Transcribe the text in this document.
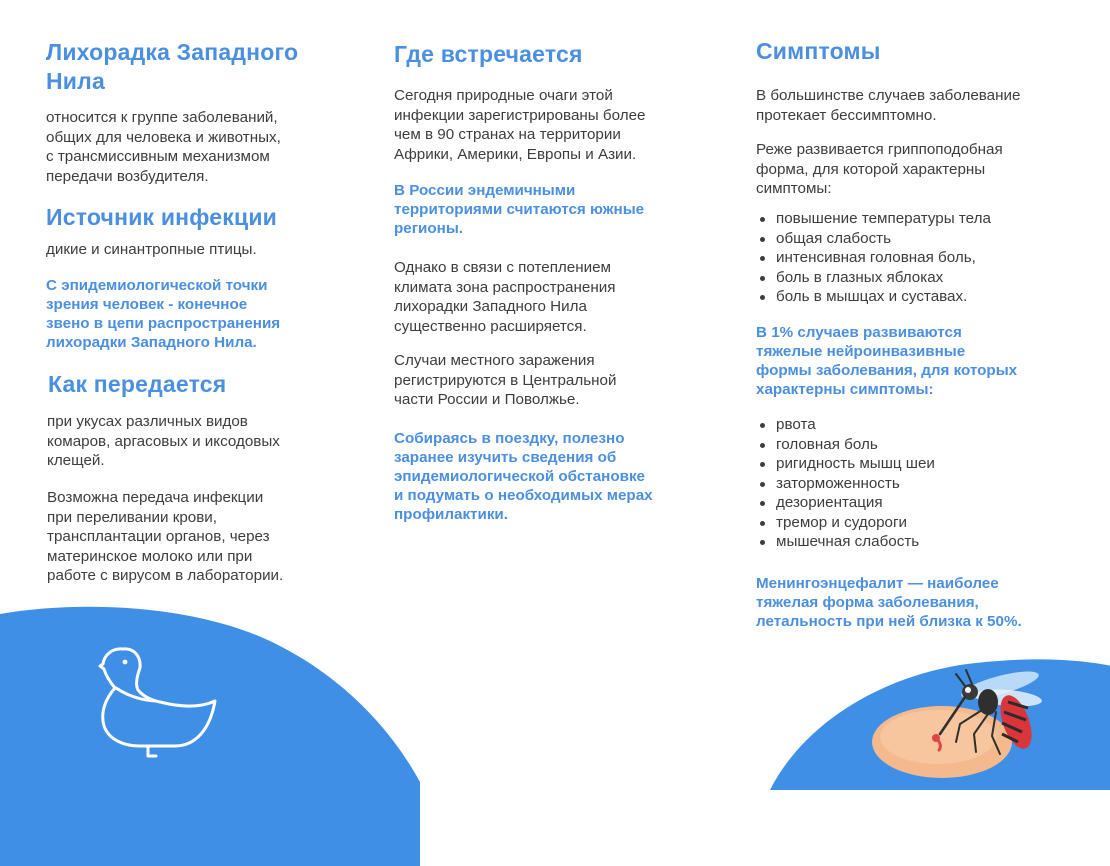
Лихорадка Западного
Нила

относится к группе заболеваний,
общих для человека и животных,
с трансмиссивным механизмом
передачи возбудителя.

Источник инфекции

дикие и синантропные птицы.

С эпидемиологической точки
зрения человек - конечное
звено в цепи распространения
лихорадки Западного Нила.

Как передается

при укусах различных видов
комаров, аргасовых и иксодовых
клещей.

Возможна передача инфекции
при переливании крови,
трансплантации органов, через
материнское молоко или при
работе с вирусом в лаборатории.

Где встречается

Сегодня природные очаги этой
инфекции зарегистрированы более
чем в 90 странах на территории
Африки, Америки, Европы и Азии.

В России эндемичными
территориями считаются южные
регионы.

Однако в связи с потеплением
климата зона распространения
лихорадки Западного Нила
существенно расширяется.

Случаи местного заражения
регистрируются в Центральной
части России и Поволжье.

Собираясь в поездку, полезно
заранее изучить сведения об
эпидемиологической обстановке
и подумать о необходимых мерах
профилактики.

Симптомы

В большинстве случаев заболевание
протекает бессимптомно.

Реже развивается гриппоподобная
форма, для которой характерны
симптомы:

повышение температуры тела
общая слабость
интенсивная головная боль,
боль в глазных яблоках
боль в мышцах и суставах.

В 1% случаев развиваются
тяжелые нейроинвазивные
формы заболевания, для которых
характерны симптомы:

рвота
головная боль
ригидность мышц шеи
заторможенность
дезориентация
тремор и судороги
мышечная слабость

Менингоэнцефалит — наиболее
тяжелая форма заболевания,
летальность при ней близка к 50%.
